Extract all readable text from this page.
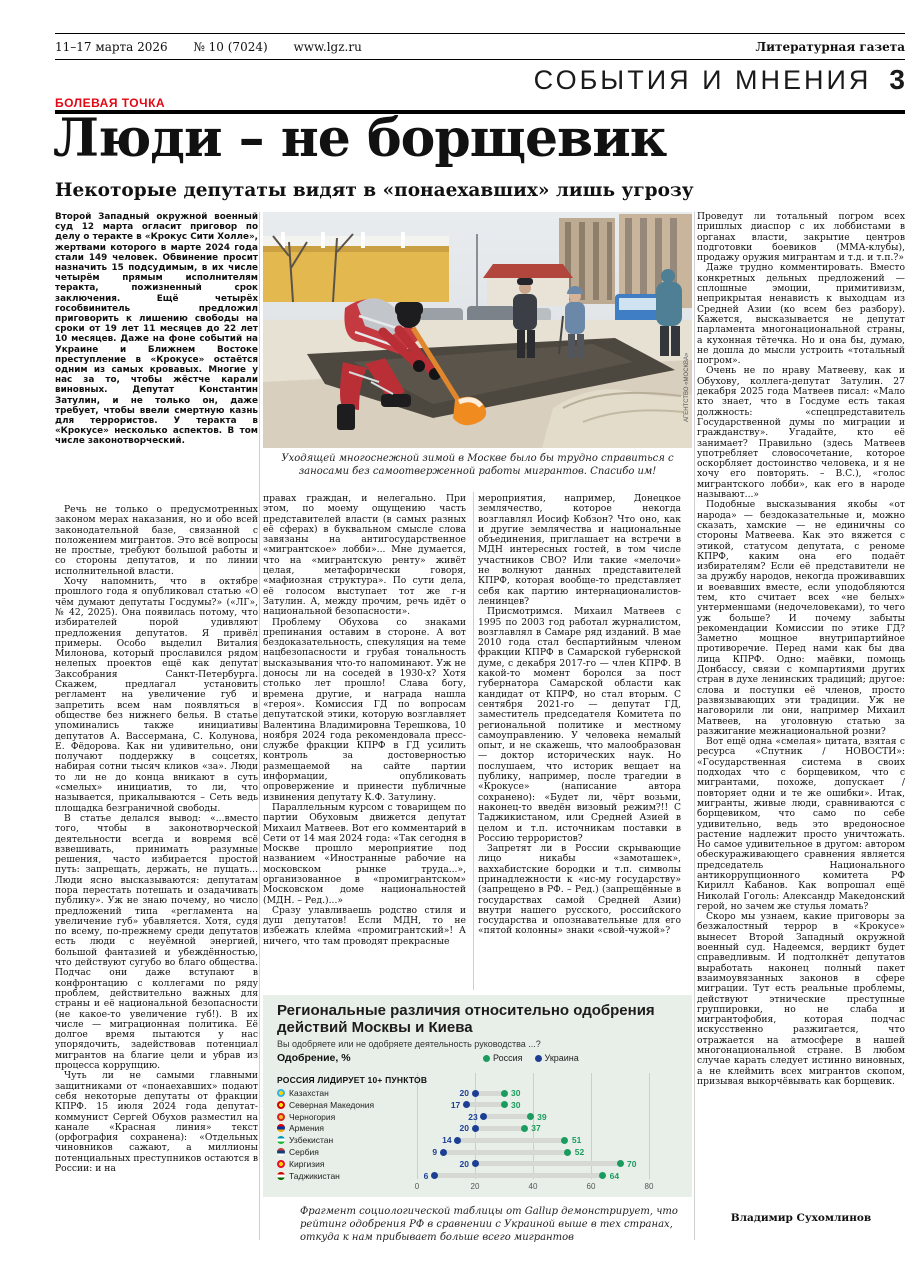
11–17 марта 2026 № 10 (7024) www.lgz.ru	Литературная газета
СОБЫТИЯ И МНЕНИЯ 3
БОЛЕВАЯ ТОЧКА
Люди – не борщевик
Некоторые депутаты видят в «понаехавших» лишь угрозу
Второй Западный окружной военный суд 12 марта огласит приговор по делу о теракте в «Крокус Сити Холле», жертвами которого в марте 2024 года стали 149 человек. Обвинение просит назначить 15 подсудимым, в их числе четырём прямым исполнителям теракта, пожизненный срок заключения. Ещё четырёх гособвинитель предложил приговорить к лишению свободы на сроки от 19 лет 11 месяцев до 22 лет 10 месяцев. Даже на фоне событий на Украине и Ближнем Востоке преступление в «Крокусе» остаётся одним из самых кровавых. Многие у нас за то, чтобы жёстче карали виновных. Депутат Константин Затулин, и не только он, даже требует, чтобы ввели смертную казнь для террористов. У теракта в «Крокусе» несколько аспектов. В том числе законотворческий.

Речь не только о предусмотренных законом мерах наказания, но и обо всей законодательной базе, связанной с положением мигрантов. Это всё вопросы не простые, требуют большой работы и со стороны депутатов, и по линии исполнительной власти.

Хочу напомнить, что в октябре прошлого года я опубликовал статью «О чём думают депутаты Госдумы?» («ЛГ», № 42, 2025). Она появилась потому, что избирателей порой удивляют предложения депутатов. Я привёл примеры. Особо выделил Виталия Милонова, который прославился рядом нелепых проектов ещё как депутат Заксобрания Санкт-Петербурга. Скажем, предлагал установить регламент на увеличение губ и запретить всем нам появляться в обществе без нижнего белья. В статье упоминались также инициативы депутатов А. Вассермана, С. Колунова, Е. Фёдорова. Как ни удивительно, они получают поддержку в соцсетях, набирая сотни тысяч кликов «за». Люди то ли не до конца вникают в суть «смелых» инициатив, то ли, что называется, прикалываются – Сеть ведь площадка безграничной свободы.

В статье делался вывод: «...вместо того, чтобы в законотворческой деятельности всегда и вовремя всё взвешивать, принимать разумные решения, часто избирается простой путь: запрещать, держать, не пущать... Люди ясно высказываются: депутатам пора перестать потешать и озадачивать публику». Уж не знаю почему, но число предложений типа «регламента на увеличение губ» убавляется. Хотя, судя по всему, по-прежнему среди депутатов есть люди с неуёмной энергией, большой фантазией и убеждённостью, что действуют сугубо во благо общества. Подчас они даже вступают в конфронтацию с коллегами по ряду проблем, действительно важных для страны и её национальной безопасности (не какое-то увеличение губ!). В их числе — миграционная политика. Её долгое время пытаются у нас упорядочить, задействовав потенциал мигрантов на благие цели и убрав из процесса коррупцию.

Чуть ли не самыми главными защитниками от «понаехавших» подают себя некоторые депутаты от фракции КПРФ. 15 июля 2024 года депутат-коммунист Сергей Обухов разместил на канале «Красная линия» текст (орфография сохранена): «Отдельных чиновников сажают, а миллионы потенциальных преступников остаются в России: и на

АГЕНТСТВО «МОСКВА»
Уходящей многоснежной зимой в Москве было бы трудно справиться с заносами без самоотверженной работы мигрантов. Спасибо им!

правах граждан, и нелегально. При этом, по моему ощущению часть представителей власти (в самых разных её сферах) в буквальном смысле слова завязаны на антигосударственное «мигрантское» лобби»... Мне думается, что на «мигрантскую ренту» живёт целая, метафорически говоря, «мафиозная структура». По сути дела, её голосом выступает тот же г-н Затулин. А, между прочим, речь идёт о национальной безопасности».

Проблему Обухова со знаками препинания оставим в стороне. А вот бездоказательность, спекуляция на теме нацбезопасности и грубая тональность высказывания что-то напоминают. Уж не доносы ли на соседей в 1930-х? Хотя столько лет прошло! Слава богу, времена другие, и награда нашла «героя». Комиссия ГД по вопросам депутатской этики, которую возглавляет Валентина Владимировна Терешкова, 10 ноября 2024 года рекомендовала пресс-службе фракции КПРФ в ГД усилить контроль за достоверностью размещаемой на сайте партии информации, опубликовать опровержение и принести публичные извинения депутату К.Ф. Затулину.

Параллельным курсом с товарищем по партии Обуховым движется депутат Михаил Матвеев. Вот его комментарий в Сети от 14 мая 2024 года: «Так сегодня в Москве прошло мероприятие под названием «Иностранные рабочие на московском рынке труда...», организованное в «промигрантском» Московском доме национальностей (МДН. – Ред.)...»

Сразу улавливаешь родство стиля и душ депутатов! Если МДН, то не избежать клейма «промигрантский»! А ничего, что там проводят прекрасные

мероприятия, например, Донецкое землячество, которое некогда возглавлял Иосиф Кобзон? Что оно, как и другие землячества и национальные объединения, приглашает на встречи в МДН интересных гостей, в том числе участников СВО? Или такие «мелочи» не волнуют данных представителей КПРФ, которая вообще-то представляет себя как партию интернационалистов-ленинцев?

Присмотримся. Михаил Матвеев с 1995 по 2003 год работал журналистом, возглавлял в Самаре ряд изданий. В мае 2010 года стал беспартийным членом фракции КПРФ в Самарской губернской думе, с декабря 2017-го — член КПРФ. В какой-то момент боролся за пост губернатора Самарской области как кандидат от КПРФ, но стал вторым. С сентября 2021-го — депутат ГД, заместитель председателя Комитета по региональной политике и местному самоуправлению. У человека немалый опыт, и не скажешь, что малообразован — доктор исторических наук. Но послушаем, что историк вещает на публику, например, после трагедии в «Крокусе» (написание автора сохранено): «Будет ли, чёрт возьми, наконец-то введён визовый режим?!! С Таджикистаном, или Средней Азией в целом и т.п. источникам поставки в Россию террористов?

Запретят ли в России скрывающие лицо никабы «замоташек», ваххабистские бородки и т.п. символы принадлежности к «ис-му государству» (запрещено в РФ. – Ред.) (запрещённые в государствах самой Средней Азии) внутри нашего русского, российского государства и опознавательные для его «пятой колонны» знаки «свой-чужой»?

0	20	40	60	80
Казахстан	20	30
Северная Македония	17	30
Черногория	23	39
Армения	20	37
Узбекистан	14	51
Сербия	9	52
Киргизия	20	70
Таджикистан	6	64
Региональные различия относительно одобрения действий Москвы и Киева
Вы одобряете или не одобряете деятельность руководства ...?
Одобрение, %	Россия Украина
РОССИЯ ЛИДИРУЕТ 10+ ПУНКТОВ
Фрагмент социологической таблицы от Gallup демонстрирует, что рейтинг одобрения РФ в сравнении с Украиной выше в тех странах, откуда к нам прибывает больше всего мигрантов

Проведут ли тотальный погром всех пришлых диаспор с их лоббистами в органах власти, закрытие центров подготовки боевиков (ММА-клубы), продажу оружия мигрантам и т.д. и т.п.?»

Даже трудно комментировать. Вместо конкретных дельных предложений — сплошные эмоции, примитивизм, неприкрытая ненависть к выходцам из Средней Азии (ко всем без разбору). Кажется, высказывается не депутат парламента многонациональной страны, а кухонная тётечка. Но и она бы, думаю, не дошла до мысли устроить «тотальный погром».

Очень не по нраву Матвееву, как и Обухову, коллега-депутат Затулин. 27 декабря 2025 года Матвеев писал: «Мало кто знает, что в Госдуме есть такая должность: «спецпредставитель Государственной думы по миграции и гражданству». Угадайте, кто её занимает? Правильно (здесь Матвеев употребляет словосочетание, которое оскорбляет достоинство человека, и я не хочу его повторять. – В.С.), «голос мигрантского лобби», как его в народе называют...»

Подобные высказывания якобы «от народа» — бездоказательные и, можно сказать, хамские — не единичны со стороны Матвеева. Как это вяжется с этикой, статусом депутата, с реноме КПРФ, каким она его подаёт избирателям? Если её представители не за дружбу народов, некогда проживавших и воевавших вместе, если уподобляются тем, кто считает всех «не белых» унтерменшами (недочеловеками), то чего уж больше? И почему забыты рекомендации Комиссии по этике ГД? Заметно мощное внутрипартийное противоречие. Перед нами как бы два лица КПРФ. Одно: маёвки, помощь Донбассу, связи с компартиями других стран в духе ленинских традиций; другое: слова и поступки её членов, просто развязывающих эти традиции. Уж не наговорили ли они, например Михаил Матвеев, на уголовную статью за разжигание межнациональной розни?

Вот ещё одна «смелая» цитата, взятая с ресурса «Спутник / НОВОСТИ»: «Государственная система в своих подходах что с борщевиком, что с мигрантами, похоже, допускает / повторяет одни и те же ошибки». Итак, мигранты, живые люди, сравниваются с борщевиком, что само по себе удивительно, ведь это вредоносное растение надлежит просто уничтожать. Но самое удивительное в другом: автором обескураживающего сравнения является председатель Национального антикоррупционного комитета РФ Кирилл Кабанов. Как вопрошал ещё Николай Гоголь: Александр Македонский герой, но зачем же стулья ломать?

Скоро мы узнаем, какие приговоры за безжалостный террор в «Крокусе» вынесет Второй Западный окружной военный суд. Надеемся, вердикт будет справедливым. И подтолкнёт депутатов выработать наконец полный пакет взаимоувязанных законов в сфере миграции. Тут есть реальные проблемы, действуют этнические преступные группировки, но не слаба и мигрантофобия, которая подчас искусственно разжигается, что отражается на атмосфере в нашей многонациональной стране. В любом случае карать следует истинно виновных, а не клеймить всех мигрантов скопом, призывая выкорчёвывать как борщевик.

Владимир Сухомлинов
